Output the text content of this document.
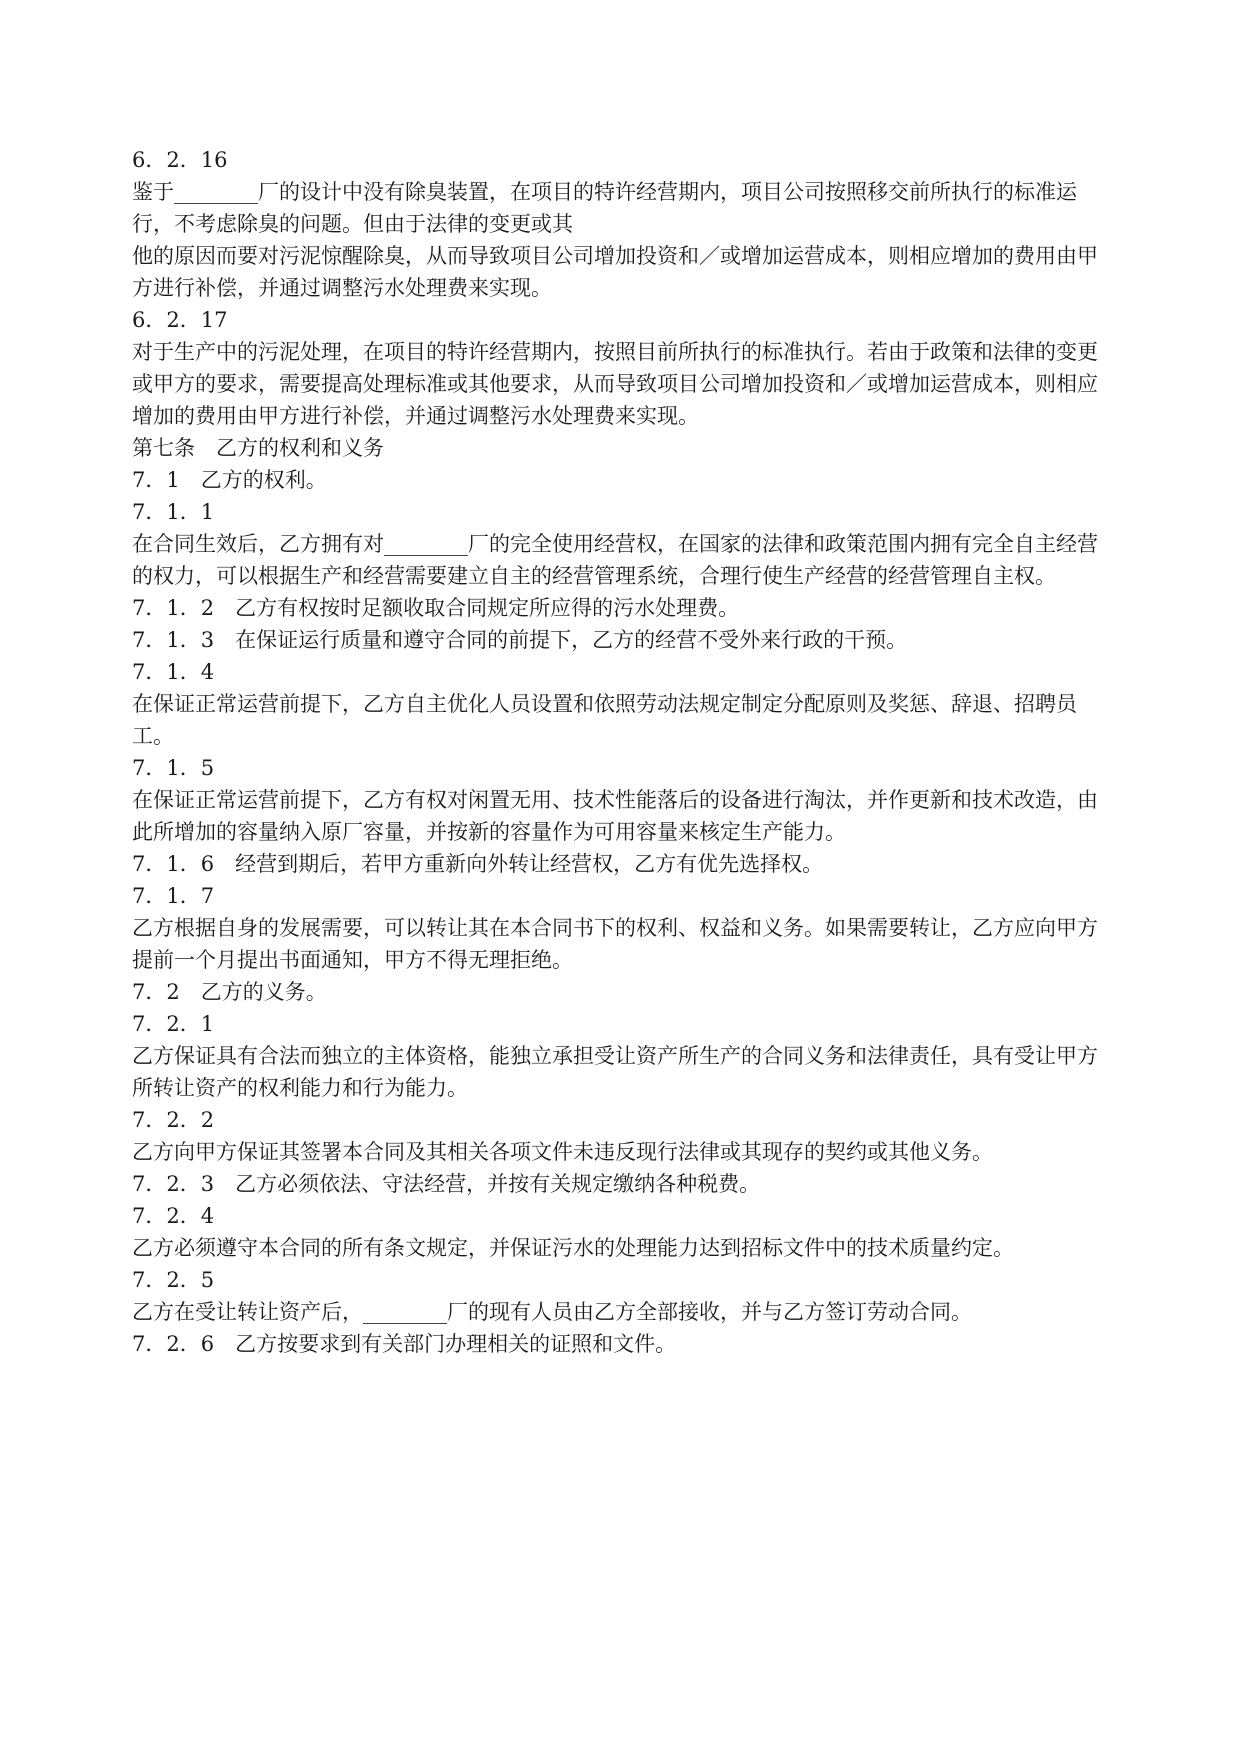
6．2．16

鉴于________厂的设计中没有除臭装置，在项目的特许经营期内，项目公司按照移交前所执行的标准运行，不考虑除臭的问题。但由于法律的变更或其

他的原因而要对污泥惊醒除臭，从而导致项目公司增加投资和／或增加运营成本，则相应增加的费用由甲方进行补偿，并通过调整污水处理费来实现。

6．2．17

对于生产中的污泥处理，在项目的特许经营期内，按照目前所执行的标准执行。若由于政策和法律的变更或甲方的要求，需要提高处理标准或其他要求，从而导致项目公司增加投资和／或增加运营成本，则相应增加的费用由甲方进行补偿，并通过调整污水处理费来实现。

第七条　乙方的权利和义务

7．1　乙方的权利。

7．1．1

在合同生效后，乙方拥有对________厂的完全使用经营权，在国家的法律和政策范围内拥有完全自主经营的权力，可以根据生产和经营需要建立自主的经营管理系统，合理行使生产经营的经营管理自主权。

7．1．2　乙方有权按时足额收取合同规定所应得的污水处理费。

7．1．3　在保证运行质量和遵守合同的前提下，乙方的经营不受外来行政的干预。

7．1．4

在保证正常运营前提下，乙方自主优化人员设置和依照劳动法规定制定分配原则及奖惩、辞退、招聘员工。

7．1．5

在保证正常运营前提下，乙方有权对闲置无用、技术性能落后的设备进行淘汰，并作更新和技术改造，由此所增加的容量纳入原厂容量，并按新的容量作为可用容量来核定生产能力。

7．1．6　经营到期后，若甲方重新向外转让经营权，乙方有优先选择权。

7．1．7

乙方根据自身的发展需要，可以转让其在本合同书下的权利、权益和义务。如果需要转让，乙方应向甲方提前一个月提出书面通知，甲方不得无理拒绝。

7．2　乙方的义务。

7．2．1

乙方保证具有合法而独立的主体资格，能独立承担受让资产所生产的合同义务和法律责任，具有受让甲方所转让资产的权利能力和行为能力。

7．2．2

乙方向甲方保证其签署本合同及其相关各项文件未违反现行法律或其现存的契约或其他义务。

7．2．3　乙方必须依法、守法经营，并按有关规定缴纳各种税费。

7．2．4

乙方必须遵守本合同的所有条文规定，并保证污水的处理能力达到招标文件中的技术质量约定。

7．2．5

乙方在受让转让资产后，________厂的现有人员由乙方全部接收，并与乙方签订劳动合同。

7．2．6　乙方按要求到有关部门办理相关的证照和文件。
